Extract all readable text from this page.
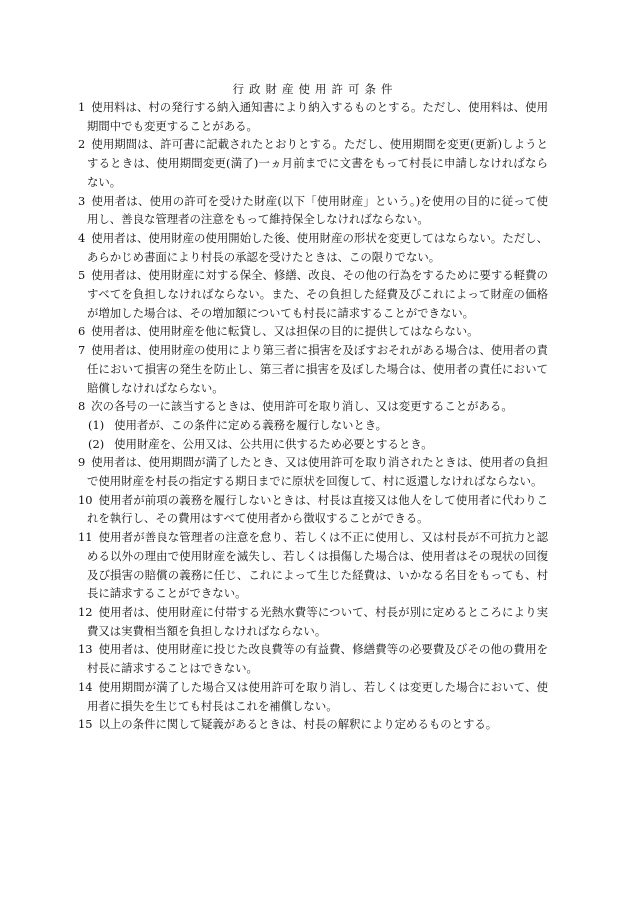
行政財産使用許可条件
1 使用料は、村の発行する納入通知書により納入するものとする。ただし、使用料は、使用期間中でも変更することがある。
2 使用期間は、許可書に記載されたとおりとする。ただし、使用期間を変更(更新)しようとするときは、使用期間変更(満了)一ヵ月前までに文書をもって村長に申請しなければならない。
3 使用者は、使用の許可を受けた財産(以下「使用財産」という。)を使用の目的に従って使用し、善良な管理者の注意をもって維持保全しなければならない。
4 使用者は、使用財産の使用開始した後、使用財産の形状を変更してはならない。ただし、あらかじめ書面により村長の承認を受けたときは、この限りでない。
5 使用者は、使用財産に対する保全、修繕、改良、その他の行為をするために要する軽費のすべてを負担しなければならない。また、その負担した経費及びこれによって財産の価格が増加した場合は、その増加額についても村長に請求することができない。
6 使用者は、使用財産を他に転貸し、又は担保の目的に提供してはならない。
7 使用者は、使用財産の使用により第三者に損害を及ぼすおそれがある場合は、使用者の責任において損害の発生を防止し、第三者に損害を及ぼした場合は、使用者の責任において賠償しなければならない。
8 次の各号の一に該当するときは、使用許可を取り消し、又は変更することがある。
(1) 使用者が、この条件に定める義務を履行しないとき。
(2) 使用財産を、公用又は、公共用に供するため必要とするとき。
9 使用者は、使用期間が満了したとき、又は使用許可を取り消されたときは、使用者の負担で使用財産を村長の指定する期日までに原状を回復して、村に返還しなければならない。
10 使用者が前項の義務を履行しないときは、村長は直接又は他人をして使用者に代わりこれを執行し、その費用はすべて使用者から徴収することができる。
11 使用者が善良な管理者の注意を怠り、若しくは不正に使用し、又は村長が不可抗力と認める以外の理由で使用財産を滅失し、若しくは損傷した場合は、使用者はその現状の回復及び損害の賠償の義務に任じ、これによって生じた経費は、いかなる名目をもっても、村長に請求することができない。
12 使用者は、使用財産に付帯する光熱水費等について、村長が別に定めるところにより実費又は実費相当額を負担しなければならない。
13 使用者は、使用財産に投じた改良費等の有益費、修繕費等の必要費及びその他の費用を村長に請求することはできない。
14 使用期間が満了した場合又は使用許可を取り消し、若しくは変更した場合において、使用者に損失を生じても村長はこれを補償しない。
15 以上の条件に関して疑義があるときは、村長の解釈により定めるものとする。
